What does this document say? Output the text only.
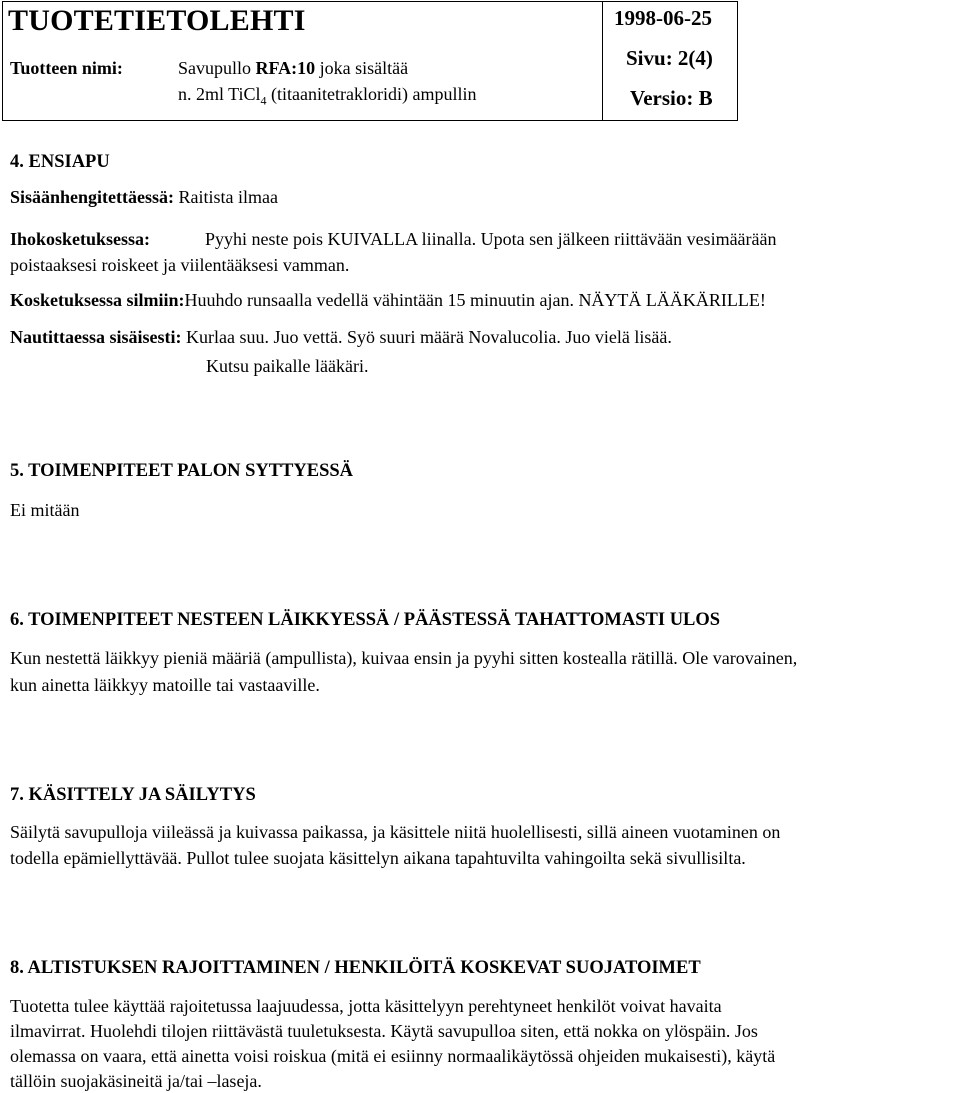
TUOTETIETOLEHTI
Tuotteen nimi:	Savupullo RFA:10 joka sisältää
n. 2ml TiCl$_4$ (titaanitetrakloridi) ampullin
1998-06-25
Sivu: 2(4)
Versio: B
4. ENSIAPU
Sisäänhengitettäessä: Raitista ilmaa
Ihokosketuksessa:	Pyyhi neste pois KUIVALLA liinalla. Upota sen jälkeen riittävään vesimäärään
poistaaksesi roiskeet ja viilentääksesi vamman.
Kosketuksessa silmiin:Huuhdo runsaalla vedellä vähintään 15 minuutin ajan. NÄYTÄ LÄÄKÄRILLE!
Nautittaessa sisäisesti: Kurlaa suu. Juo vettä. Syö suuri määrä Novalucolia. Juo vielä lisää.
Kutsu paikalle lääkäri.
5. TOIMENPITEET PALON SYTTYESSÄ
Ei mitään
6. TOIMENPITEET NESTEEN LÄIKKYESSÄ / PÄÄSTESSÄ TAHATTOMASTI ULOS
Kun nestettä läikkyy pieniä määriä (ampullista), kuivaa ensin ja pyyhi sitten kostealla rätillä. Ole varovainen,
kun ainetta läikkyy matoille tai vastaaville.
7. KÄSITTELY JA SÄILYTYS
Säilytä savupulloja viileässä ja kuivassa paikassa, ja käsittele niitä huolellisesti, sillä aineen vuotaminen on
todella epämiellyttävää. Pullot tulee suojata käsittelyn aikana tapahtuvilta vahingoilta sekä sivullisilta.
8. ALTISTUKSEN RAJOITTAMINEN / HENKILÖITÄ KOSKEVAT SUOJATOIMET
Tuotetta tulee käyttää rajoitetussa laajuudessa, jotta käsittelyyn perehtyneet henkilöt voivat havaita
ilmavirrat. Huolehdi tilojen riittävästä tuuletuksesta. Käytä savupulloa siten, että nokka on ylöspäin. Jos
olemassa on vaara, että ainetta voisi roiskua (mitä ei esiinny normaalikäytössä ohjeiden mukaisesti), käytä
tällöin suojakäsineitä ja/tai –laseja.
